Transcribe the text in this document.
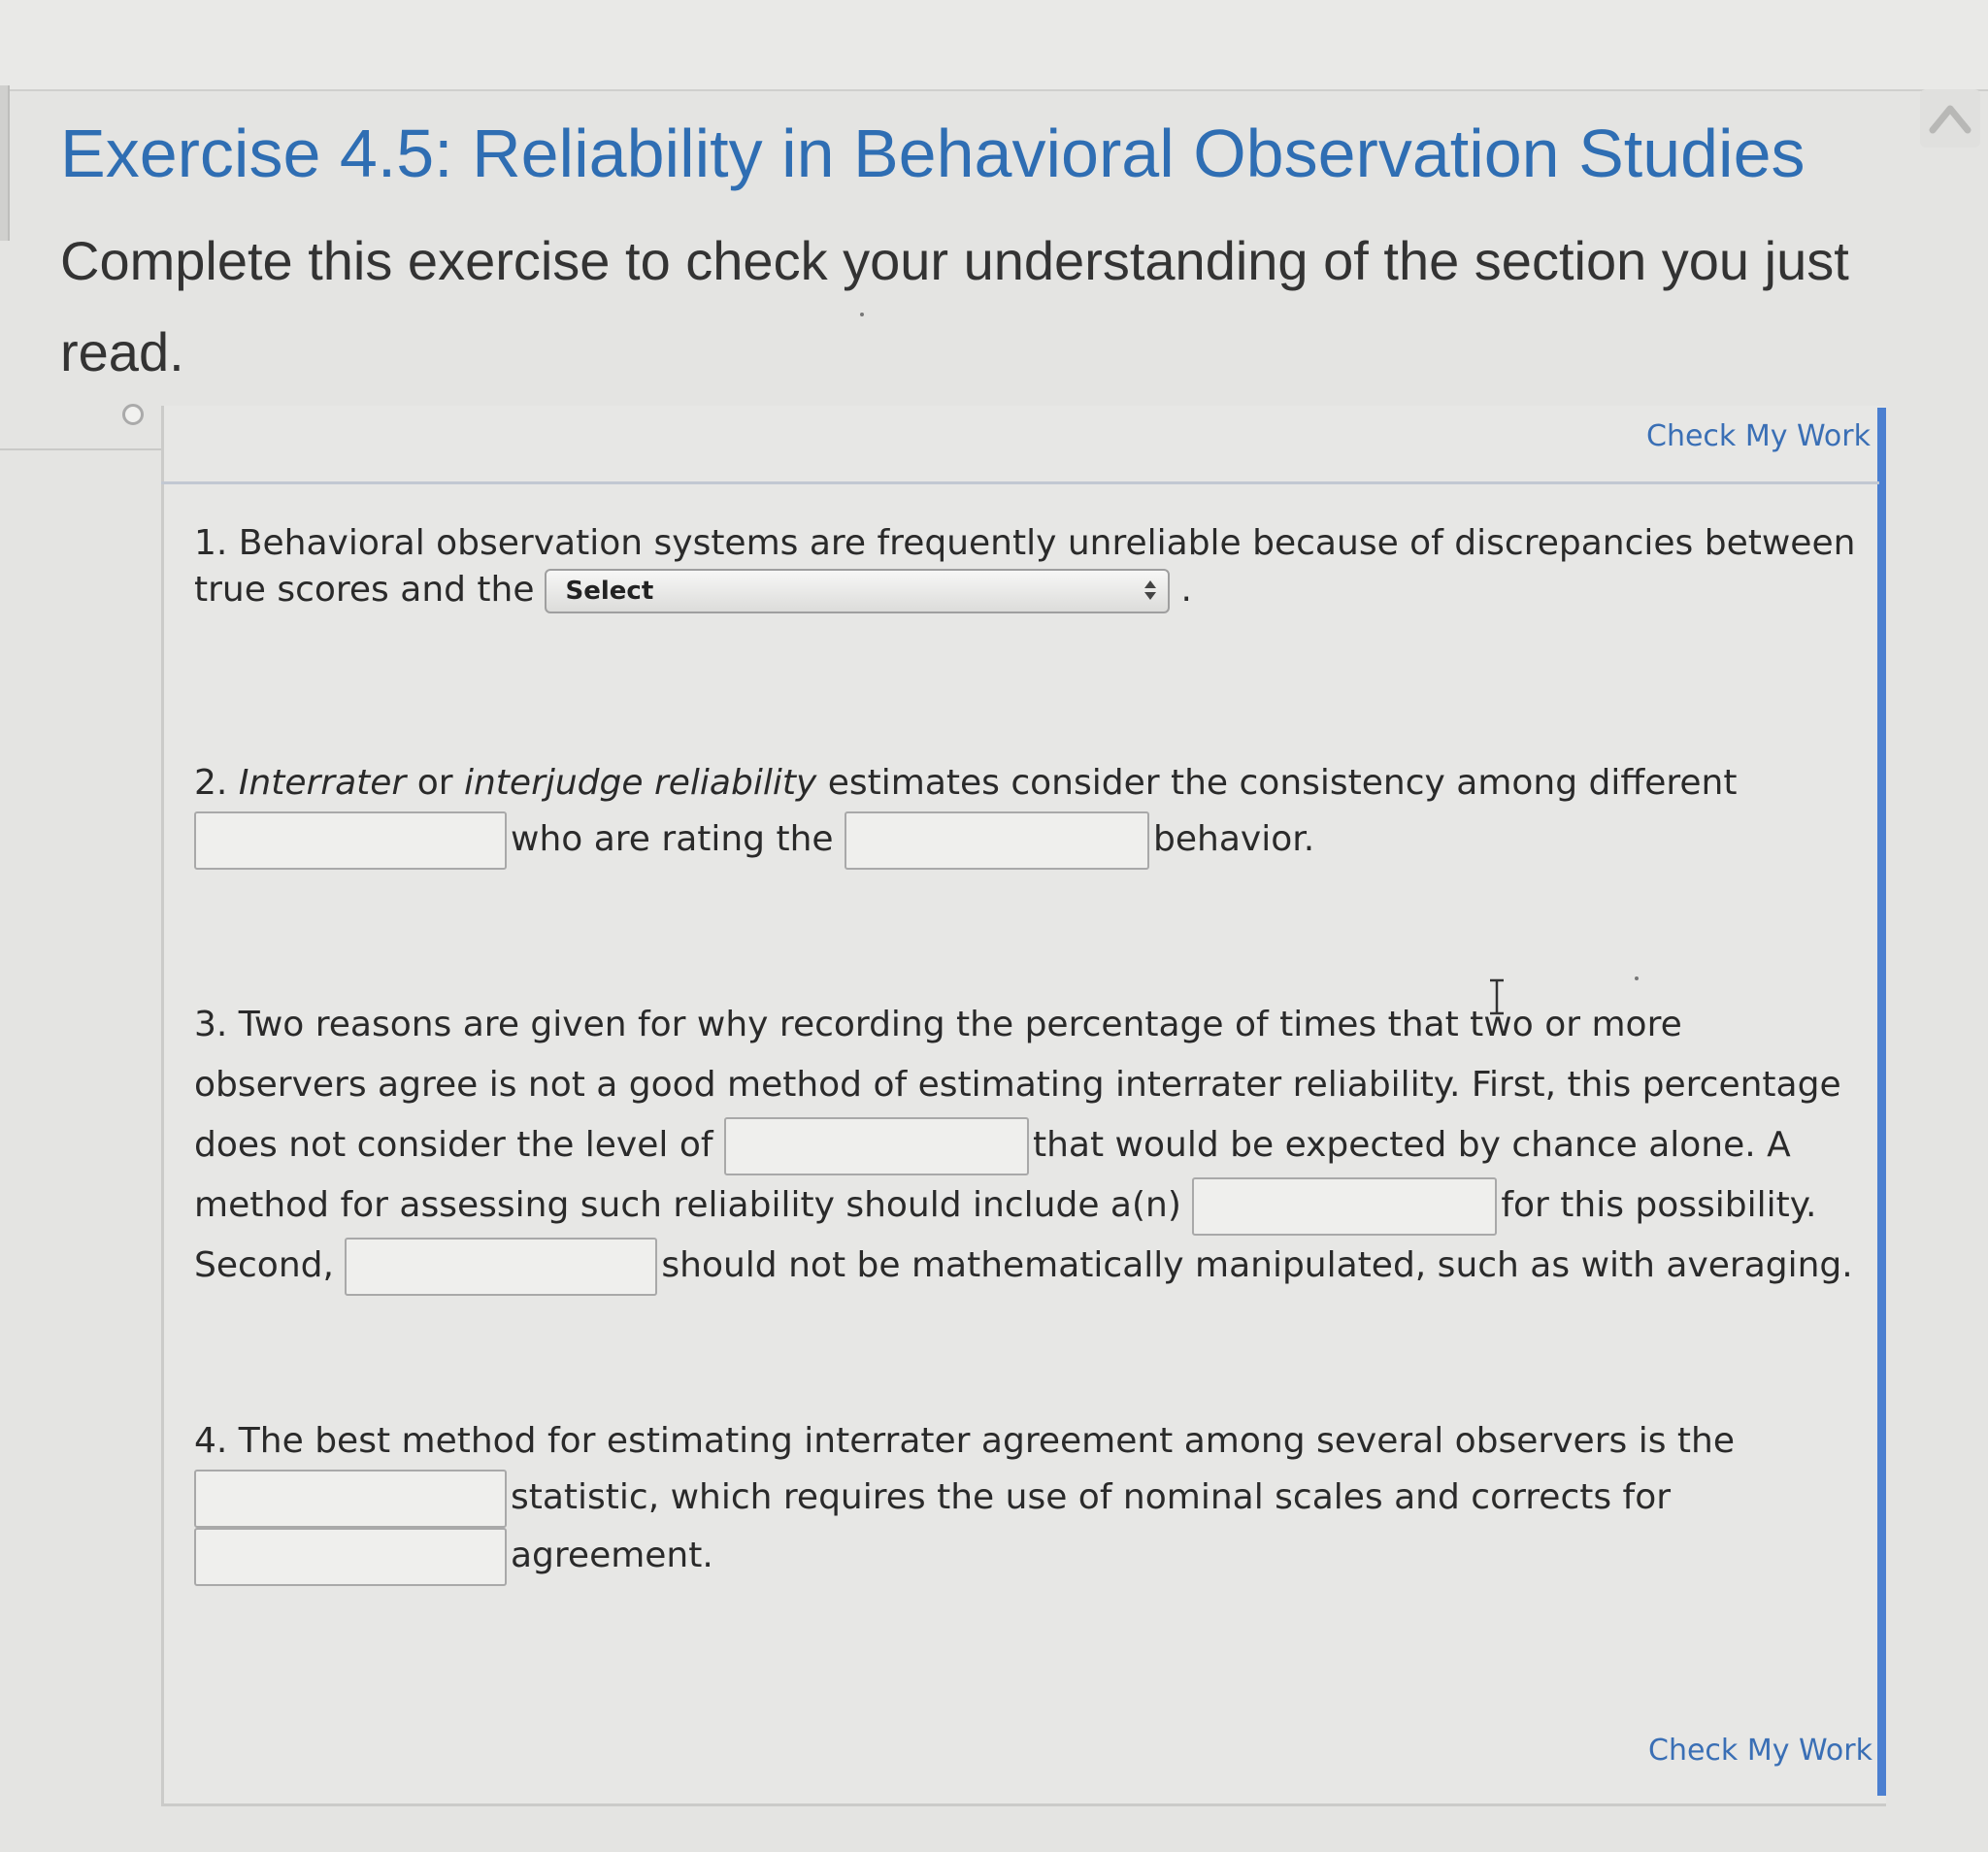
Exercise 4.5: Reliability in Behavioral Observation Studies

Complete this exercise to check your understanding of the section you just read.

Check My Work

1. Behavioral observation systems are frequently unreliable because of discrepancies between true scores and the	Select	.

2. Interrater or interjudge reliability estimates consider the consistency among different
who are rating the	behavior.

3. Two reasons are given for why recording the percentage of times that two or more observers agree is not a good method of estimating interrater reliability. First, this percentage does not consider the level of	that would be expected by chance alone. A method for assessing such reliability should include a(n)	for this possibility. Second,	should not be mathematically manipulated, such as with averaging.

4. The best method for estimating interrater agreement among several observers is the
statistic, which requires the use of nominal scales and corrects for
agreement.

Check My Work
